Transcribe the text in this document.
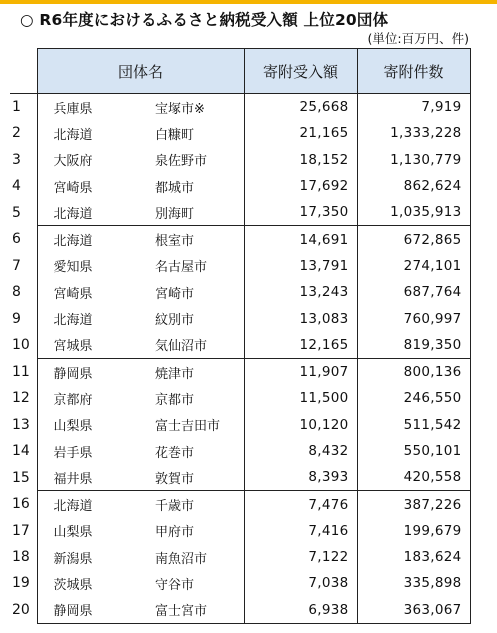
○ R6年度におけるふるさと納税受入額 上位20団体
(単位:百万円、件)
	団体名		寄附受入額	寄附件数
1	兵庫県	宝塚市※	25,668	7,919
2	北海道	白糠町	21,165	1,333,228
3	大阪府	泉佐野市	18,152	1,130,779
4	宮崎県	都城市	17,692	862,624
5	北海道	別海町	17,350	1,035,913
6	北海道	根室市	14,691	672,865
7	愛知県	名古屋市	13,791	274,101
8	宮崎県	宮崎市	13,243	687,764
9	北海道	紋別市	13,083	760,997
10	宮城県	気仙沼市	12,165	819,350
11	静岡県	焼津市	11,907	800,136
12	京都府	京都市	11,500	246,550
13	山梨県	富士吉田市	10,120	511,542
14	岩手県	花巻市	8,432	550,101
15	福井県	敦賀市	8,393	420,558
16	北海道	千歳市	7,476	387,226
17	山梨県	甲府市	7,416	199,679
18	新潟県	南魚沼市	7,122	183,624
19	茨城県	守谷市	7,038	335,898
20	静岡県	富士宮市	6,938	363,067
